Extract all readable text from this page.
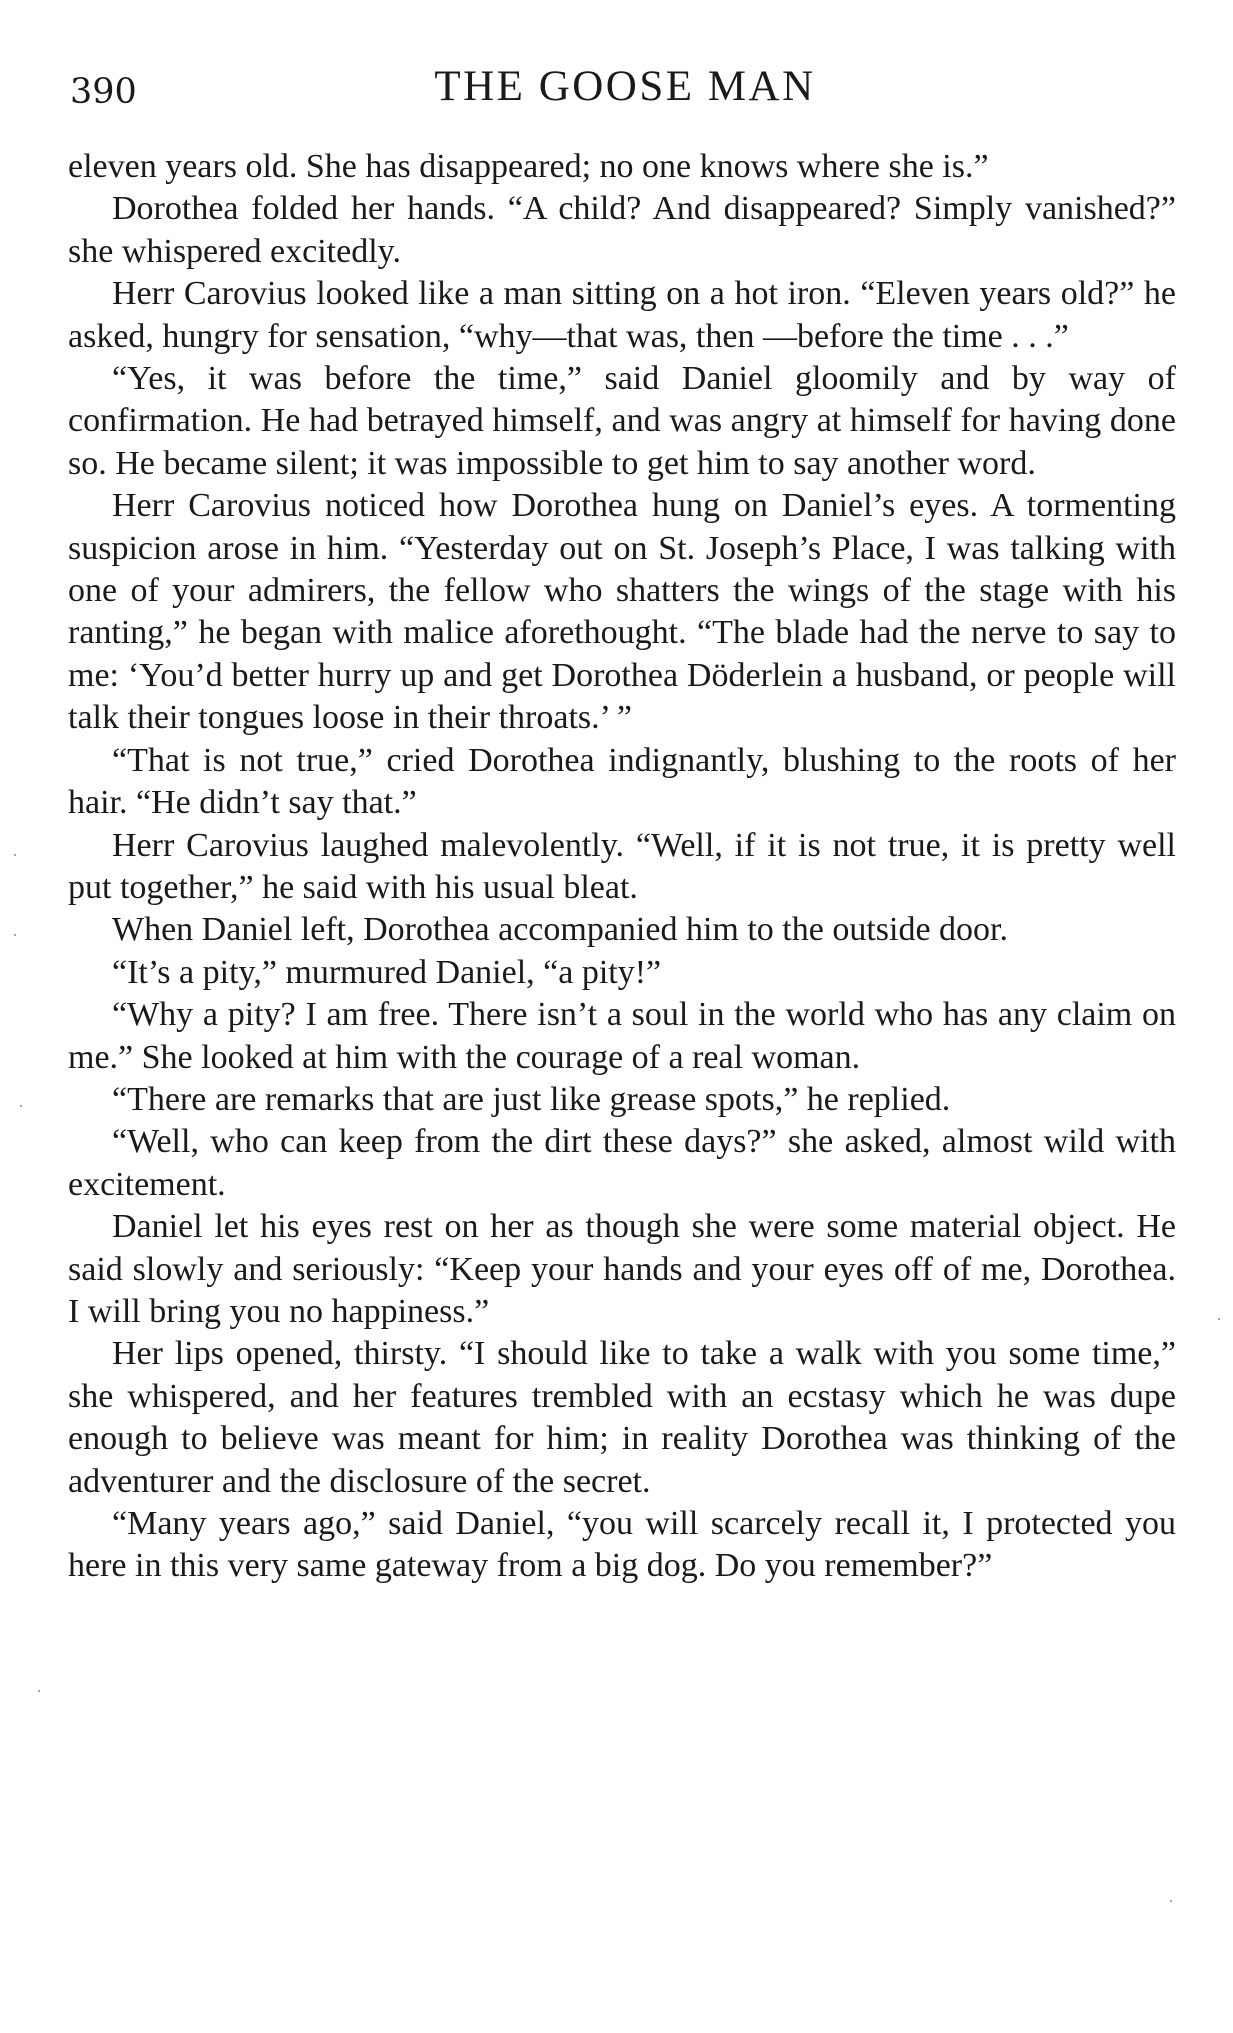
390	THE GOOSE MAN

eleven years old. She has disappeared; no one knows where she is.”

Dorothea folded her hands. “A child? And disappeared? Simply vanished?” she whispered excitedly.

Herr Carovius looked like a man sitting on a hot iron. “Eleven years old?” he asked, hungry for sensation, “why—that was, then —before the time . . .”

“Yes, it was before the time,” said Daniel gloomily and by way of confirmation. He had betrayed himself, and was angry at himself for having done so. He became silent; it was impossible to get him to say another word.

Herr Carovius noticed how Dorothea hung on Daniel’s eyes. A tormenting suspicion arose in him. “Yesterday out on St. Joseph’s Place, I was talking with one of your admirers, the fellow who shatters the wings of the stage with his ranting,” he began with malice aforethought. “The blade had the nerve to say to me: ‘You’d better hurry up and get Dorothea Döderlein a husband, or people will talk their tongues loose in their throats.’ ”

“That is not true,” cried Dorothea indignantly, blushing to the roots of her hair. “He didn’t say that.”

Herr Carovius laughed malevolently. “Well, if it is not true, it is pretty well put together,” he said with his usual bleat.

When Daniel left, Dorothea accompanied him to the outside door.

“It’s a pity,” murmured Daniel, “a pity!”

“Why a pity? I am free. There isn’t a soul in the world who has any claim on me.” She looked at him with the courage of a real woman.

“There are remarks that are just like grease spots,” he replied.

“Well, who can keep from the dirt these days?” she asked, almost wild with excitement.

Daniel let his eyes rest on her as though she were some material object. He said slowly and seriously: “Keep your hands and your eyes off of me, Dorothea. I will bring you no happiness.”

Her lips opened, thirsty. “I should like to take a walk with you some time,” she whispered, and her features trembled with an ecstasy which he was dupe enough to believe was meant for him; in reality Dorothea was thinking of the adventurer and the disclosure of the secret.

“Many years ago,” said Daniel, “you will scarcely recall it, I protected you here in this very same gateway from a big dog. Do you remember?”
